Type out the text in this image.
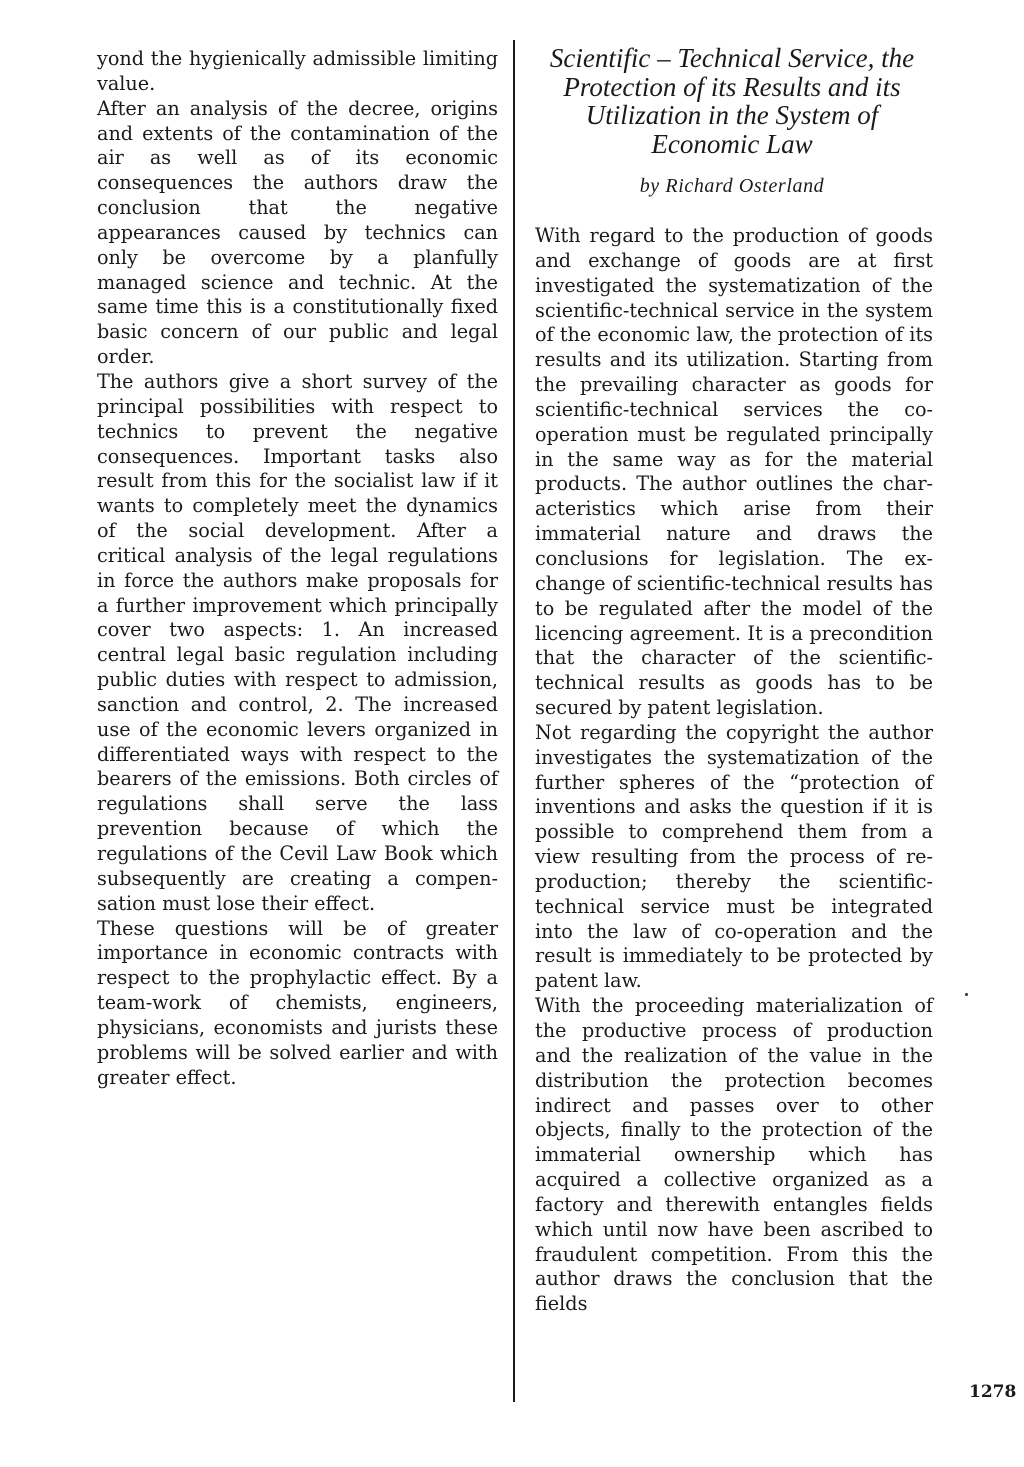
yond the hygienically admissible limiting value.

After an analysis of the decree, origins and extents of the contamination of the air as well as of its economic consequences the authors draw the conclusion that the negative appearances caused by technics can only be overcome by a planfully managed science and technic. At the same time this is a constitutionally fixed basic concern of our public and legal order.

The authors give a short survey of the principal possibilities with respect to technics to prevent the negative consequences. Important tasks also result from this for the socialist law if it wants to completely meet the dynamics of the social development. After a critical analysis of the legal regulations in force the authors make proposals for a further improvement which principally cover two aspects: 1. An increased central legal basic regulation including public duties with respect to admission, sanction and control, 2. The increased use of the economic levers organized in differentiated ways with respect to the bearers of the emissions. Both circles of regulations shall serve the lass prevention because of which the regulations of the Cevil Law Book which subsequently are creating a compensation must lose their effect.

These questions will be of greater importance in economic contracts with respect to the prophylactic effect. By a team-work of chemists, engineers, physicians, economists and jurists these problems will be solved earlier and with greater effect.

Scientific – Technical Service, the Protection of its Results and its Utilization in the System of Economic Law
by Richard Osterland

With regard to the production of goods and exchange of goods are at first investigated the systematization of the scientific-technical service in the system of the economic law, the protection of its results and its utilization. Starting from the prevailing character as goods for scientific-technical services the co-operation must be regulated principally in the same way as for the material products. The author outlines the characteristics which arise from their immaterial nature and draws the conclusions for legislation. The exchange of scientific-technical results has to be regulated after the model of the licencing agreement. It is a precondition that the character of the scientific-technical results as goods has to be secured by patent legislation.

Not regarding the copyright the author investigates the systematization of the further spheres of the “protection of inventions and asks the question if it is possible to comprehend them from a view resulting from the process of reproduction; thereby the scientific-technical service must be integrated into the law of co-operation and the result is immediately to be protected by patent law.

With the proceeding materialization of the productive process of production and the realization of the value in the distribution the protection becomes indirect and passes over to other objects, finally to the protection of the immaterial ownership which has acquired a collective organized as a factory and therewith entangles fields which until now have been ascribed to fraudulent competition. From this the author draws the conclusion that the fields

1278
